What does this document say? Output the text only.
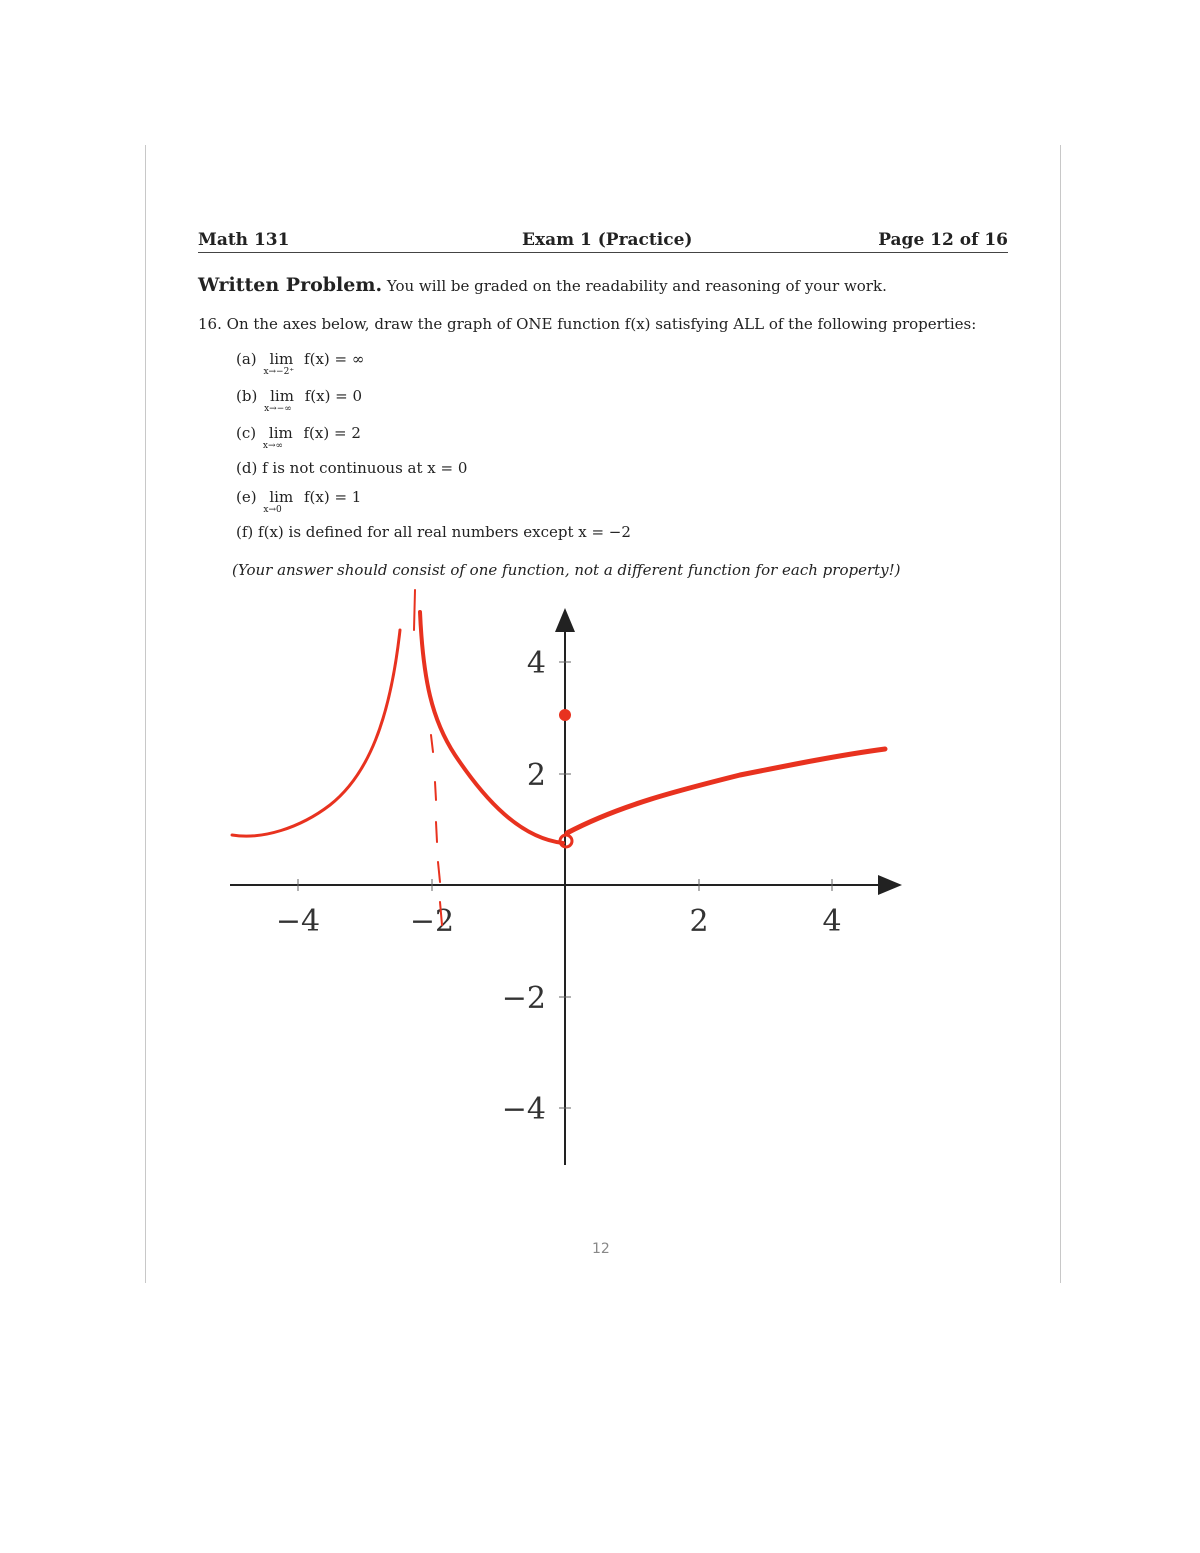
Math 131	Exam 1 (Practice)	Page 12 of 16
Written Problem. You will be graded on the readability and reasoning of your work.
16. On the axes below, draw the graph of ONE function f(x) satisfying ALL of the following properties:
(a) lim
x→−2⁺
f(x) = ∞
(b) lim
x→−∞
f(x) = 0
(c) lim
x→∞
f(x) = 2
(d) f is not continuous at x = 0
(e) lim
x→0
f(x) = 1
(f) f(x) is defined for all real numbers except x = −2
(Your answer should consist of one function, not a different function for each property!)
−4	−2	2	4
4
2
−2
−4
12
